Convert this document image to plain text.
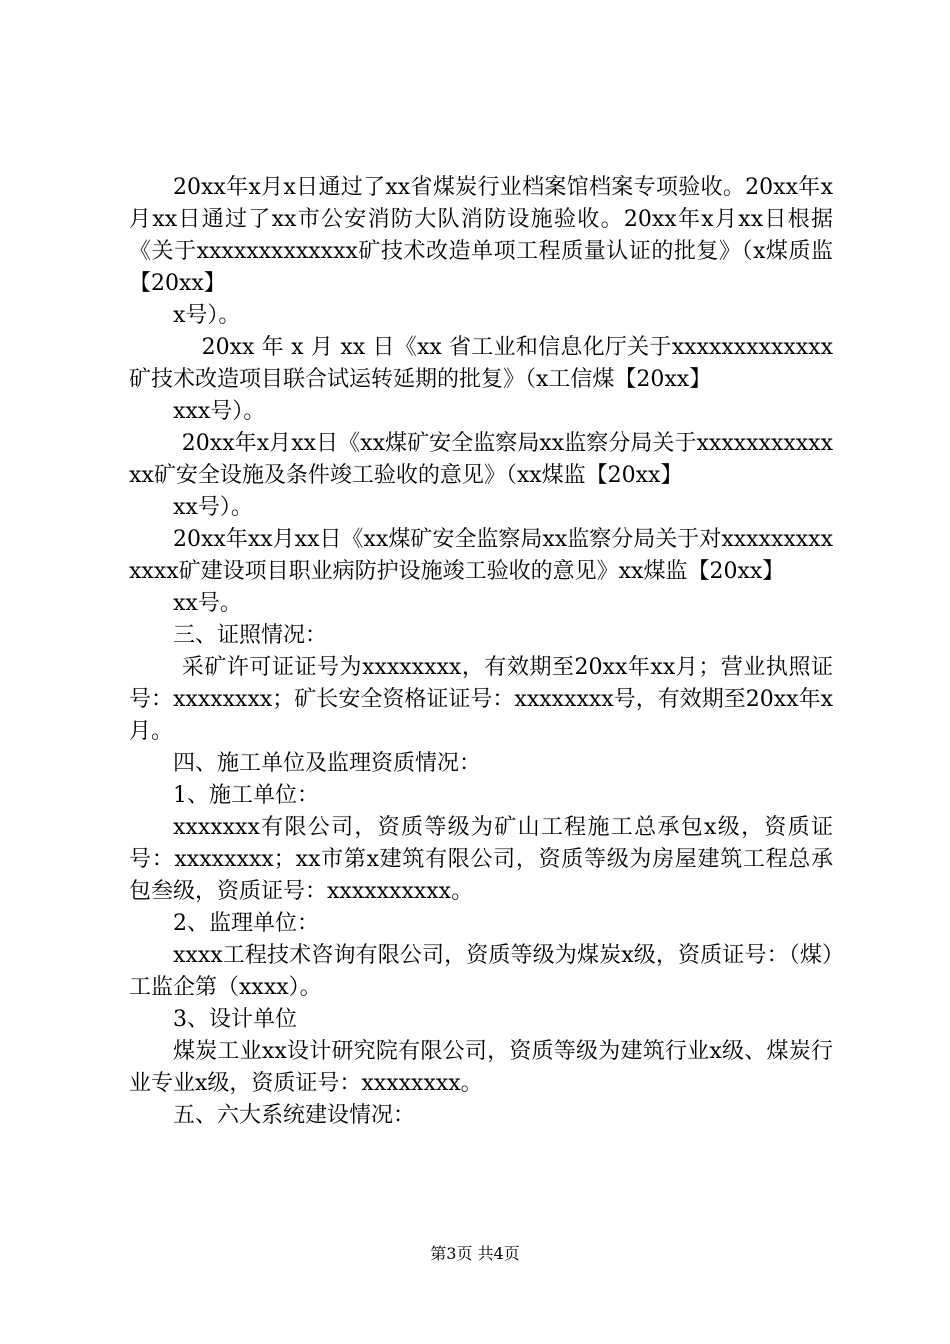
20xx年x月x日通过了xx省煤炭行业档案馆档案专项验收。20xx年x月xx日通过了xx市公安消防大队消防设施验收。20xx年x月xx日根据《关于xxxxxxxxxxxxx矿技术改造单项工程质量认证的批复》（x煤质监【20xx】

x号）。

20xx 年 x 月 xx 日《xx 省工业和信息化厅关于xxxxxxxxxxxxx矿技术改造项目联合试运转延期的批复》（x工信煤【20xx】

xxx号）。

20xx年x月xx日《xx煤矿安全监察局xx监察分局关于xxxxxxxxxxxxx矿安全设施及条件竣工验收的意见》（xx煤监【20xx】

xx号）。

20xx年xx月xx日《xx煤矿安全监察局xx监察分局关于对xxxxxxxxxxxxx矿建设项目职业病防护设施竣工验收的意见》xx煤监【20xx】

xx号。

三、证照情况：

采矿许可证证号为xxxxxxxx，有效期至20xx年xx月；营业执照证号：xxxxxxxx；矿长安全资格证证号：xxxxxxxx号，有效期至20xx年x月。

四、施工单位及监理资质情况：

1、施工单位：

xxxxxxx有限公司，资质等级为矿山工程施工总承包x级，资质证号：xxxxxxxx；xx市第x建筑有限公司，资质等级为房屋建筑工程总承包叁级，资质证号：xxxxxxxxxx。

2、监理单位：

xxxx工程技术咨询有限公司，资质等级为煤炭x级，资质证号：（煤）工监企第（xxxx）。

3、设计单位

煤炭工业xx设计研究院有限公司，资质等级为建筑行业x级、煤炭行业专业x级，资质证号：xxxxxxxx。

五、六大系统建设情况：

第3页 共4页
